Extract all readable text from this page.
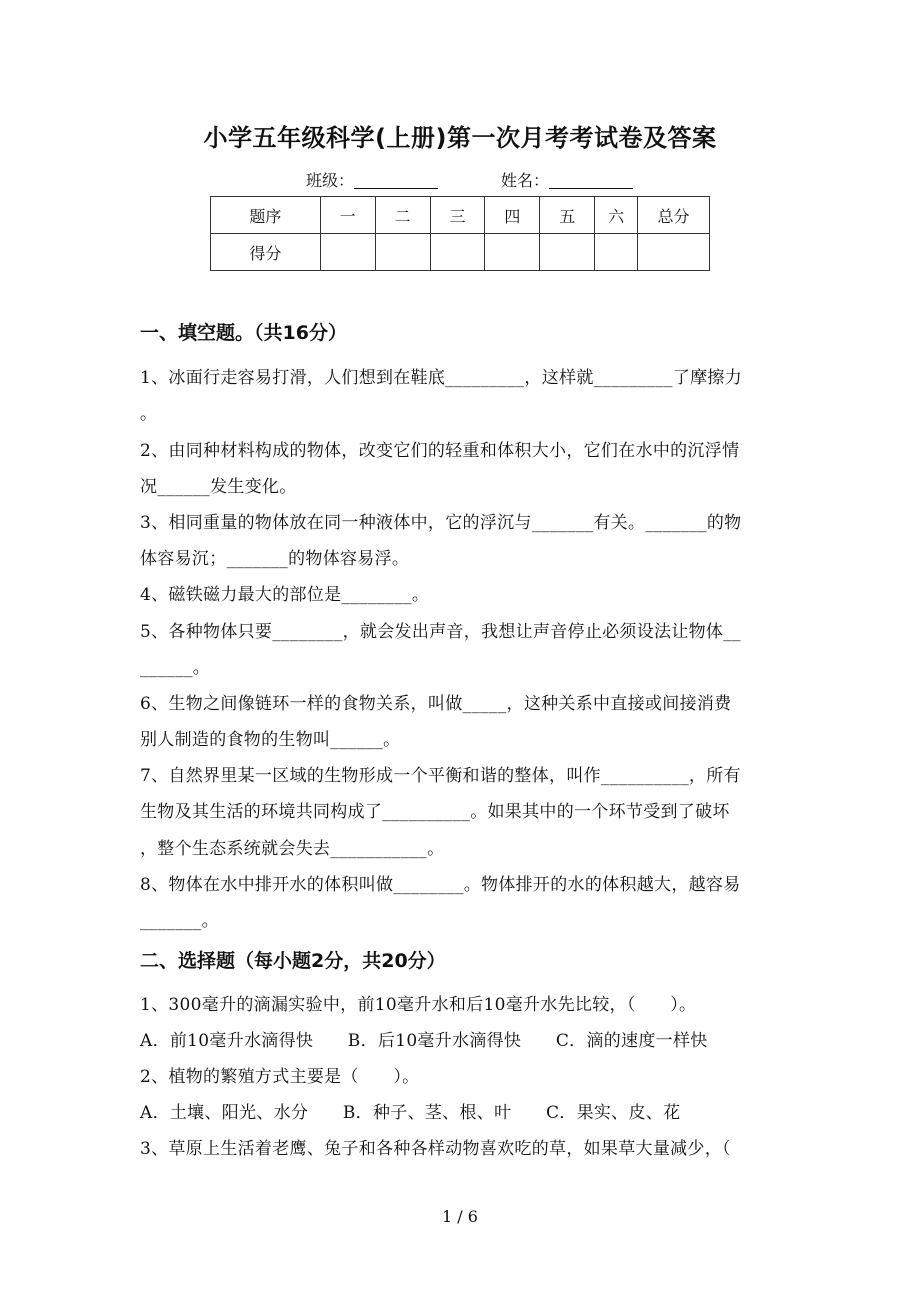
小学五年级科学(上册)第一次月考考试卷及答案
班级：	姓名：
题序	一	二	三	四	五	六	总分
得分							
一、填空题。（共16分）
1、冰面行走容易打滑，人们想到在鞋底_________，这样就_________了摩擦力
。
2、由同种材料构成的物体，改变它们的轻重和体积大小，它们在水中的沉浮情
况______发生变化。
3、相同重量的物体放在同一种液体中，它的浮沉与_______有关。_______的物
体容易沉；_______的物体容易浮。
4、磁铁磁力最大的部位是________。
5、各种物体只要________，就会发出声音，我想让声音停止必须设法让物体__
______。
6、生物之间像链环一样的食物关系，叫做_____，这种关系中直接或间接消费
别人制造的食物的生物叫______。
7、自然界里某一区域的生物形成一个平衡和谐的整体，叫作__________，所有
生物及其生活的环境共同构成了__________。如果其中的一个环节受到了破坏
，整个生态系统就会失去___________。
8、物体在水中排开水的体积叫做________。物体排开的水的体积越大，越容易
_______。
二、选择题（每小题2分，共20分）
1、300毫升的滴漏实验中，前10毫升水和后10毫升水先比较，（　　）。
A．前10毫升水滴得快　　B．后10毫升水滴得快　　C．滴的速度一样快
2、植物的繁殖方式主要是（　　）。
A．土壤、阳光、水分　　B．种子、茎、根、叶　　C．果实、皮、花
3、草原上生活着老鹰、兔子和各种各样动物喜欢吃的草，如果草大量减少，（
1 / 6
